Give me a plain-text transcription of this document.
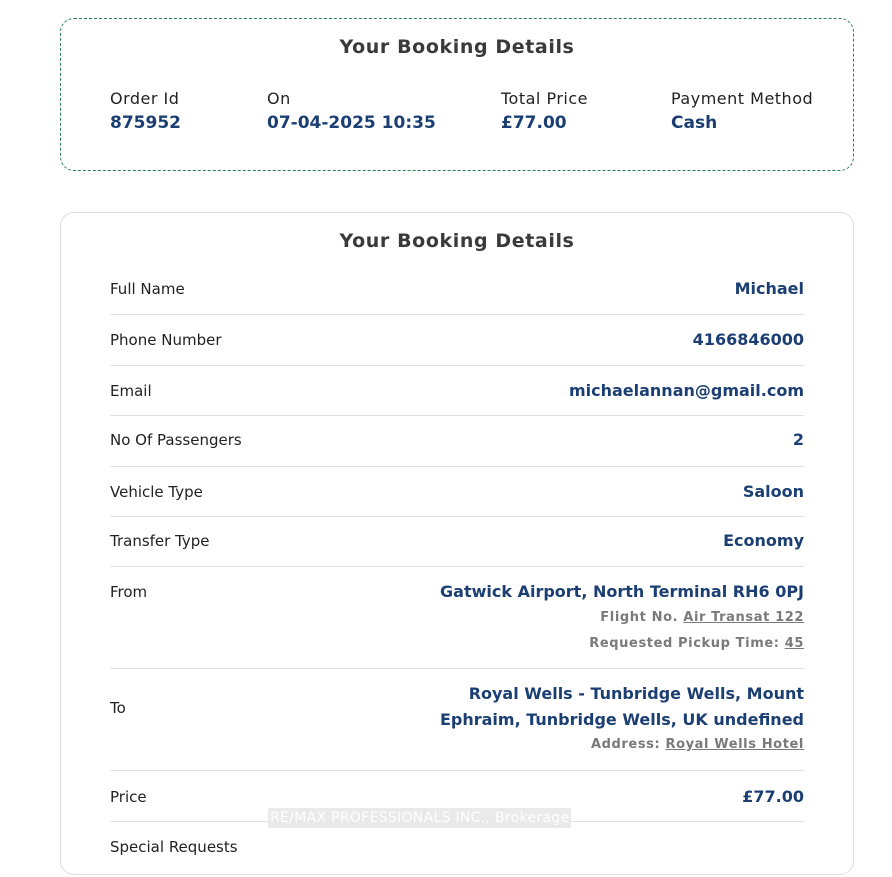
Your Booking Details
Order Id
875952
On
07-04-2025 10:35
Total Price
£77.00
Payment Method
Cash
Your Booking Details
Full Name	Michael
Phone Number	4166846000
Email	michaelannan@gmail.com
No Of Passengers	2
Vehicle Type	Saloon
Transfer Type	Economy
From	Gatwick Airport, North Terminal RH6 0PJ
Flight No. Air Transat 122
Requested Pickup Time: 45
To
Royal Wells - Tunbridge Wells, Mount
Ephraim, Tunbridge Wells, UK undefined
Address: Royal Wells Hotel
Price	£77.00
Special Requests
RE/MAX PROFESSIONALS INC., Brokerage
